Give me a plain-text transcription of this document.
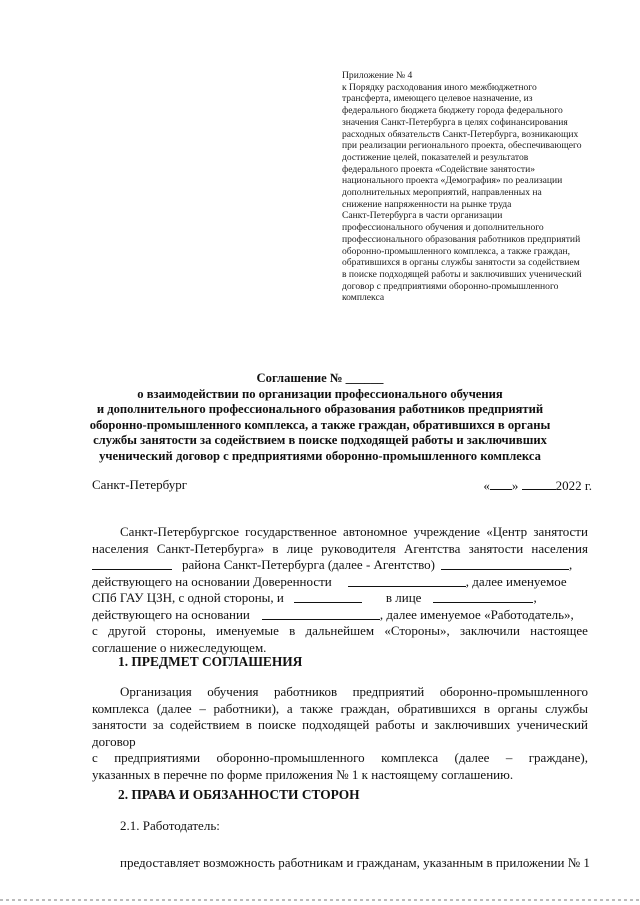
Приложение № 4
к Порядку расходования иного межбюджетного
трансферта, имеющего целевое назначение, из
федерального бюджета бюджету города федерального
значения Санкт-Петербурга в целях софинансирования
расходных обязательств Санкт-Петербурга, возникающих
при реализации регионального проекта, обеспечивающего
достижение целей, показателей и результатов
федерального проекта «Содействие занятости»
национального проекта «Демография» по реализации
дополнительных мероприятий, направленных на
снижение напряженности на рынке труда
Санкт-Петербурга в части организации
профессионального обучения и дополнительного
профессионального образования работников предприятий
оборонно-промышленного комплекса, а также граждан,
обратившихся в органы службы занятости за содействием
в поиске подходящей работы и заключивших ученический
договор с предприятиями оборонно-промышленного
комплекса
Соглашение № ______
о взаимодействии по организации профессионального обучения
и дополнительного профессионального образования работников предприятий
оборонно-промышленного комплекса, а также граждан, обратившихся в органы
службы занятости за содействием в поиске подходящей работы и заключивших
ученический договор с предприятиями оборонно-промышленного комплекса
Санкт-Петербург	« »	2022 г.
Санкт-Петербургское государственное автономное учреждение «Центр занятости
населения Санкт-Петербурга» в лице руководителя Агентства занятости населения
района Санкт-Петербурга (далее - Агентство)	,
действующего на основании Доверенности	, далее именуемое
СПб ГАУ ЦЗН, с одной стороны, и	в лице	,
действующего на основании	, далее именуемое «Работодатель»,
с другой стороны, именуемые в дальнейшем «Стороны», заключили настоящее
соглашение о нижеследующем.
1. ПРЕДМЕТ СОГЛАШЕНИЯ
Организация обучения работников предприятий оборонно-промышленного
комплекса (далее – работники), а также граждан, обратившихся в органы службы
занятости за содействием в поиске подходящей работы и заключивших ученический
договор
с предприятиями оборонно-промышленного комплекса (далее – граждане),
указанных в перечне по форме приложения № 1 к настоящему соглашению.
2. ПРАВА И ОБЯЗАННОСТИ СТОРОН
2.1. Работодатель:
предоставляет возможность работникам и гражданам, указанным в приложении № 1
